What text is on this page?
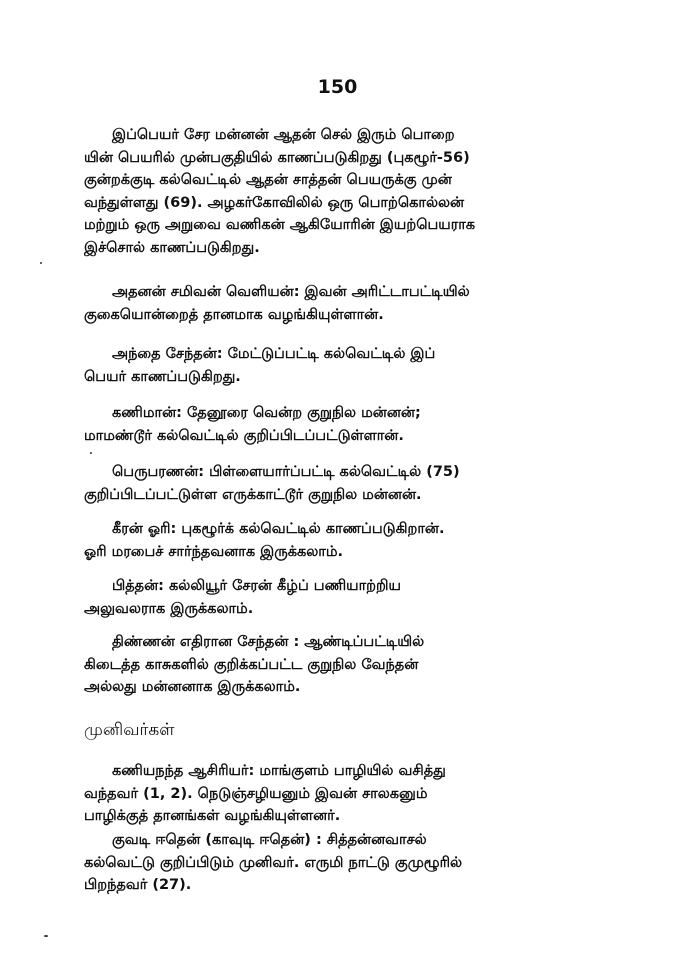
150
இப்பெயர் சேர மன்னன் ஆதன் செல் இரும் பொறை
யின் பெயரில் முன்பகுதியில் காணப்படுகிறது (புகழூர்-56)
குன்றக்குடி கல்வெட்டில் ஆதன் சாத்தன் பெயருக்கு முன்
வந்துள்ளது (69). அழகர்கோவிலில் ஒரு பொற்கொல்லன்
மற்றும் ஒரு அறுவை வணிகன் ஆகியோரின் இயற்பெயராக
இச்சொல் காணப்படுகிறது.
அதனன் சமிவன் வெளியன்: இவன் அரிட்டாபட்டியில்
குகையொன்றைத் தானமாக வழங்கியுள்ளான்.
அந்தை சேந்தன்: மேட்டுப்பட்டி கல்வெட்டில் இப்
பெயர் காணப்படுகிறது.
கணிமான்: தேனூரை வென்ற குறுநில மன்னன்;
மாமண்டூர் கல்வெட்டில் குறிப்பிடப்பட்டுள்ளான்.
பெருபரணன்: பிள்ளையார்ப்பட்டி கல்வெட்டில் (75)
குறிப்பிடப்பட்டுள்ள எருக்காட்டூர் குறுநில மன்னன்.
கீரன் ஓரி: புகழூர்க் கல்வெட்டில் காணப்படுகிறான்.
ஓரி மரபைச் சார்ந்தவனாக இருக்கலாம்.
பித்தன்: கல்லியூர் சேரன் கீழ்ப் பணியாற்றிய
அலுவலராக இருக்கலாம்.
திண்ணன் எதிரான சேந்தன் : ஆண்டிப்பட்டியில்
கிடைத்த காசுகளில் குறிக்கப்பட்ட குறுநில வேந்தன்
அல்லது மன்னனாக இருக்கலாம்.
முனிவர்கள்
கணியநந்த ஆசிரியர்: மாங்குளம் பாழியில் வசித்து
வந்தவர் (1, 2). நெடுஞ்சழியனும் இவன் சாலகனும்
பாழிக்குத் தானங்கள் வழங்கியுள்ளனர்.
குவடி ஈதென் (காவுடி ஈதென்) : சித்தன்னவாசல்
கல்வெட்டு குறிப்பிடும் முனிவர். எருமி நாட்டு குமுழூரில்
பிறந்தவர் (27).
